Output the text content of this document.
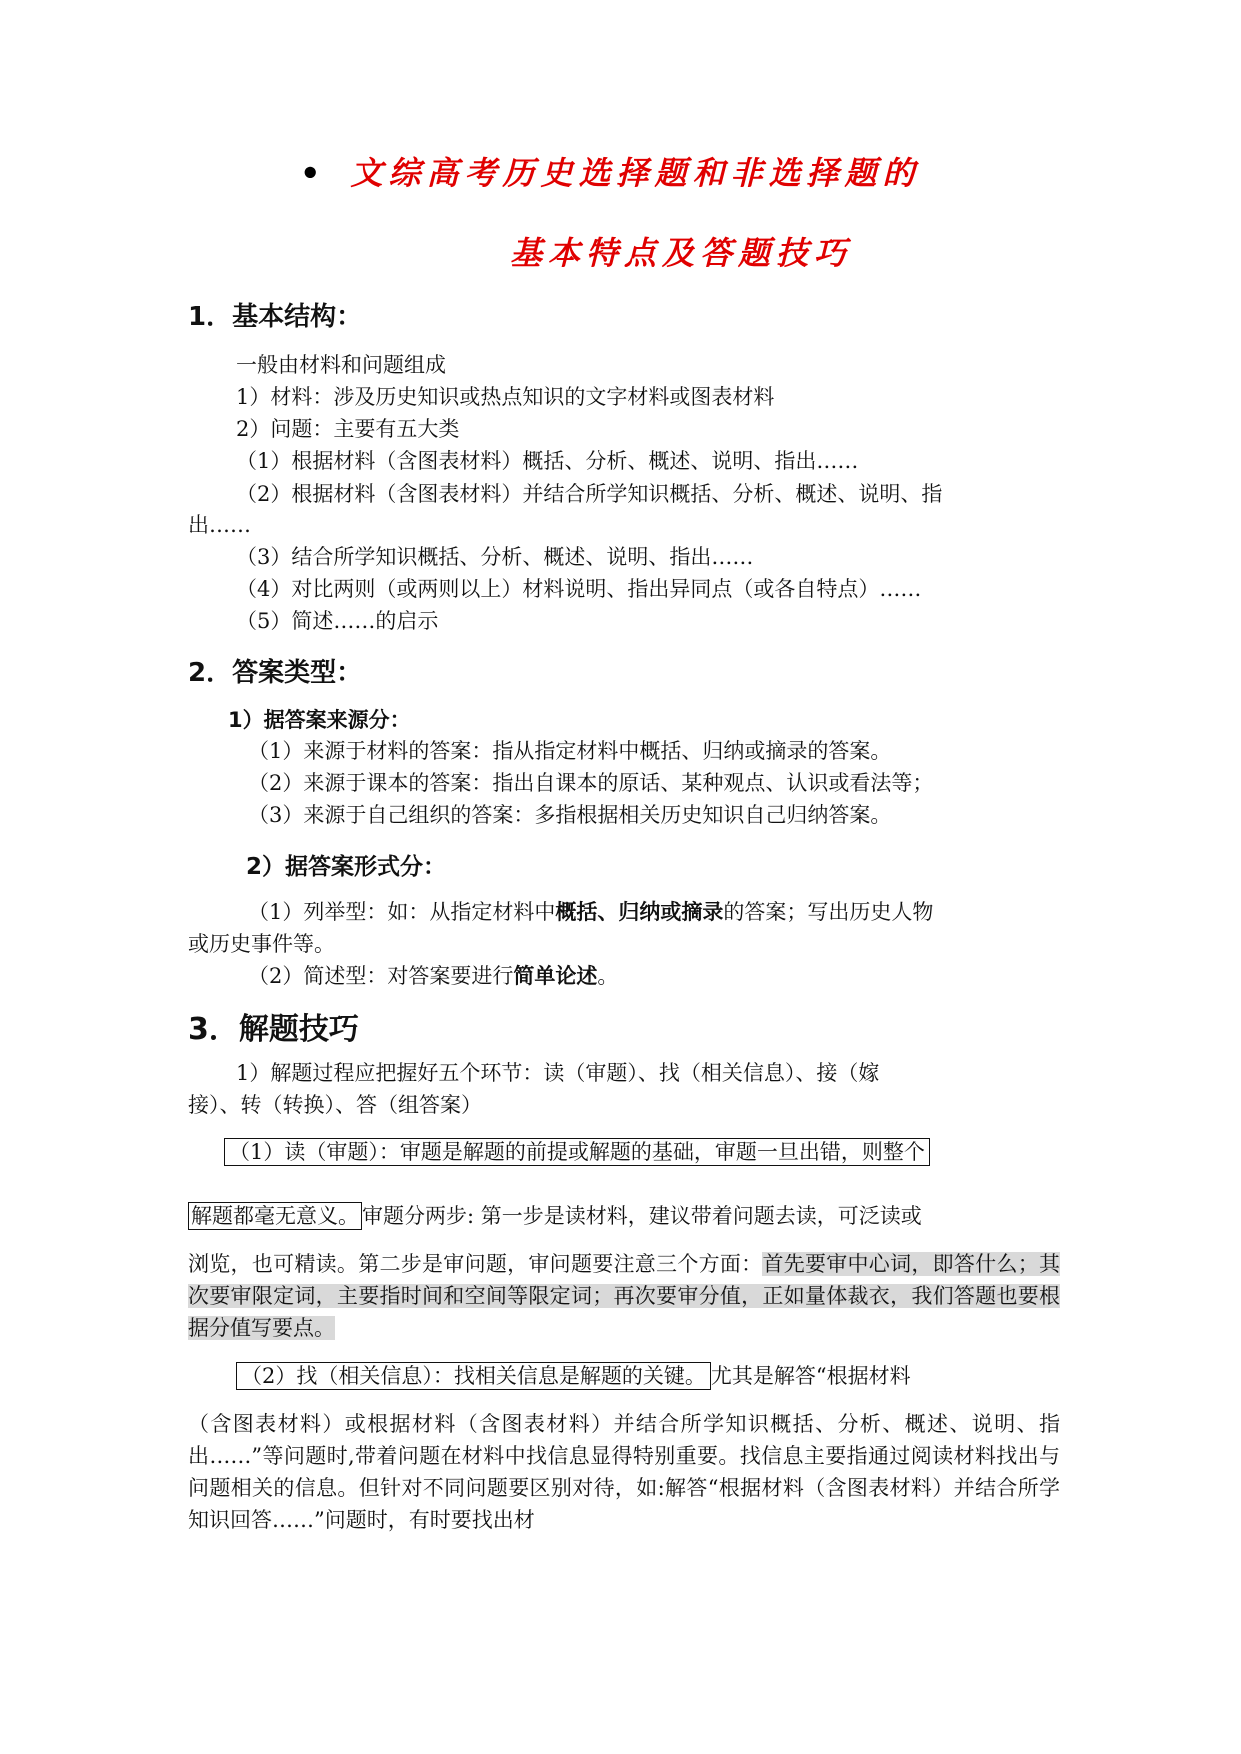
• 文综高考历史选择题和非选择题的
基本特点及答题技巧
1．基本结构：
一般由材料和问题组成
1）材料：涉及历史知识或热点知识的文字材料或图表材料
2）问题：主要有五大类
（1）根据材料（含图表材料）概括、分析、概述、说明、指出……
（2）根据材料（含图表材料）并结合所学知识概括、分析、概述、说明、指
出……
（3）结合所学知识概括、分析、概述、说明、指出……
（4）对比两则（或两则以上）材料说明、指出异同点（或各自特点）……
（5）简述……的启示
2．答案类型：
1）据答案来源分：
（1）来源于材料的答案：指从指定材料中概括、归纳或摘录的答案。
（2）来源于课本的答案：指出自课本的原话、某种观点、认识或看法等；
（3）来源于自己组织的答案：多指根据相关历史知识自己归纳答案。
2）据答案形式分：
（1）列举型：如：从指定材料中概括、归纳或摘录的答案；写出历史人物
或历史事件等。
（2）简述型：对答案要进行简单论述。
3．解题技巧
1）解题过程应把握好五个环节：读（审题）、找（相关信息）、接（嫁
接）、转（转换）、答（组答案）
（1）读（审题）：审题是解题的前提或解题的基础，审题一旦出错，则整个
解题都毫无意义。 审题分两步: 第一步是读材料，建议带着问题去读，可泛读或
浏览，也可精读。第二步是审问题，审问题要注意三个方面：首先要审中心词，即答什么；其次要审限定词，主要指时间和空间等限定词；再次要审分值，正如量体裁衣，我们答题也要根据分值写要点。
（2）找（相关信息）：找相关信息是解题的关键。 尤其是解答“根据材料
（含图表材料）或根据材料（含图表材料）并结合所学知识概括、分析、概述、说明、指出……”等问题时,带着问题在材料中找信息显得特别重要。找信息主要指通过阅读材料找出与问题相关的信息。但针对不同问题要区别对待，如:解答“根据材料（含图表材料）并结合所学知识回答……”问题时，有时要找出材
